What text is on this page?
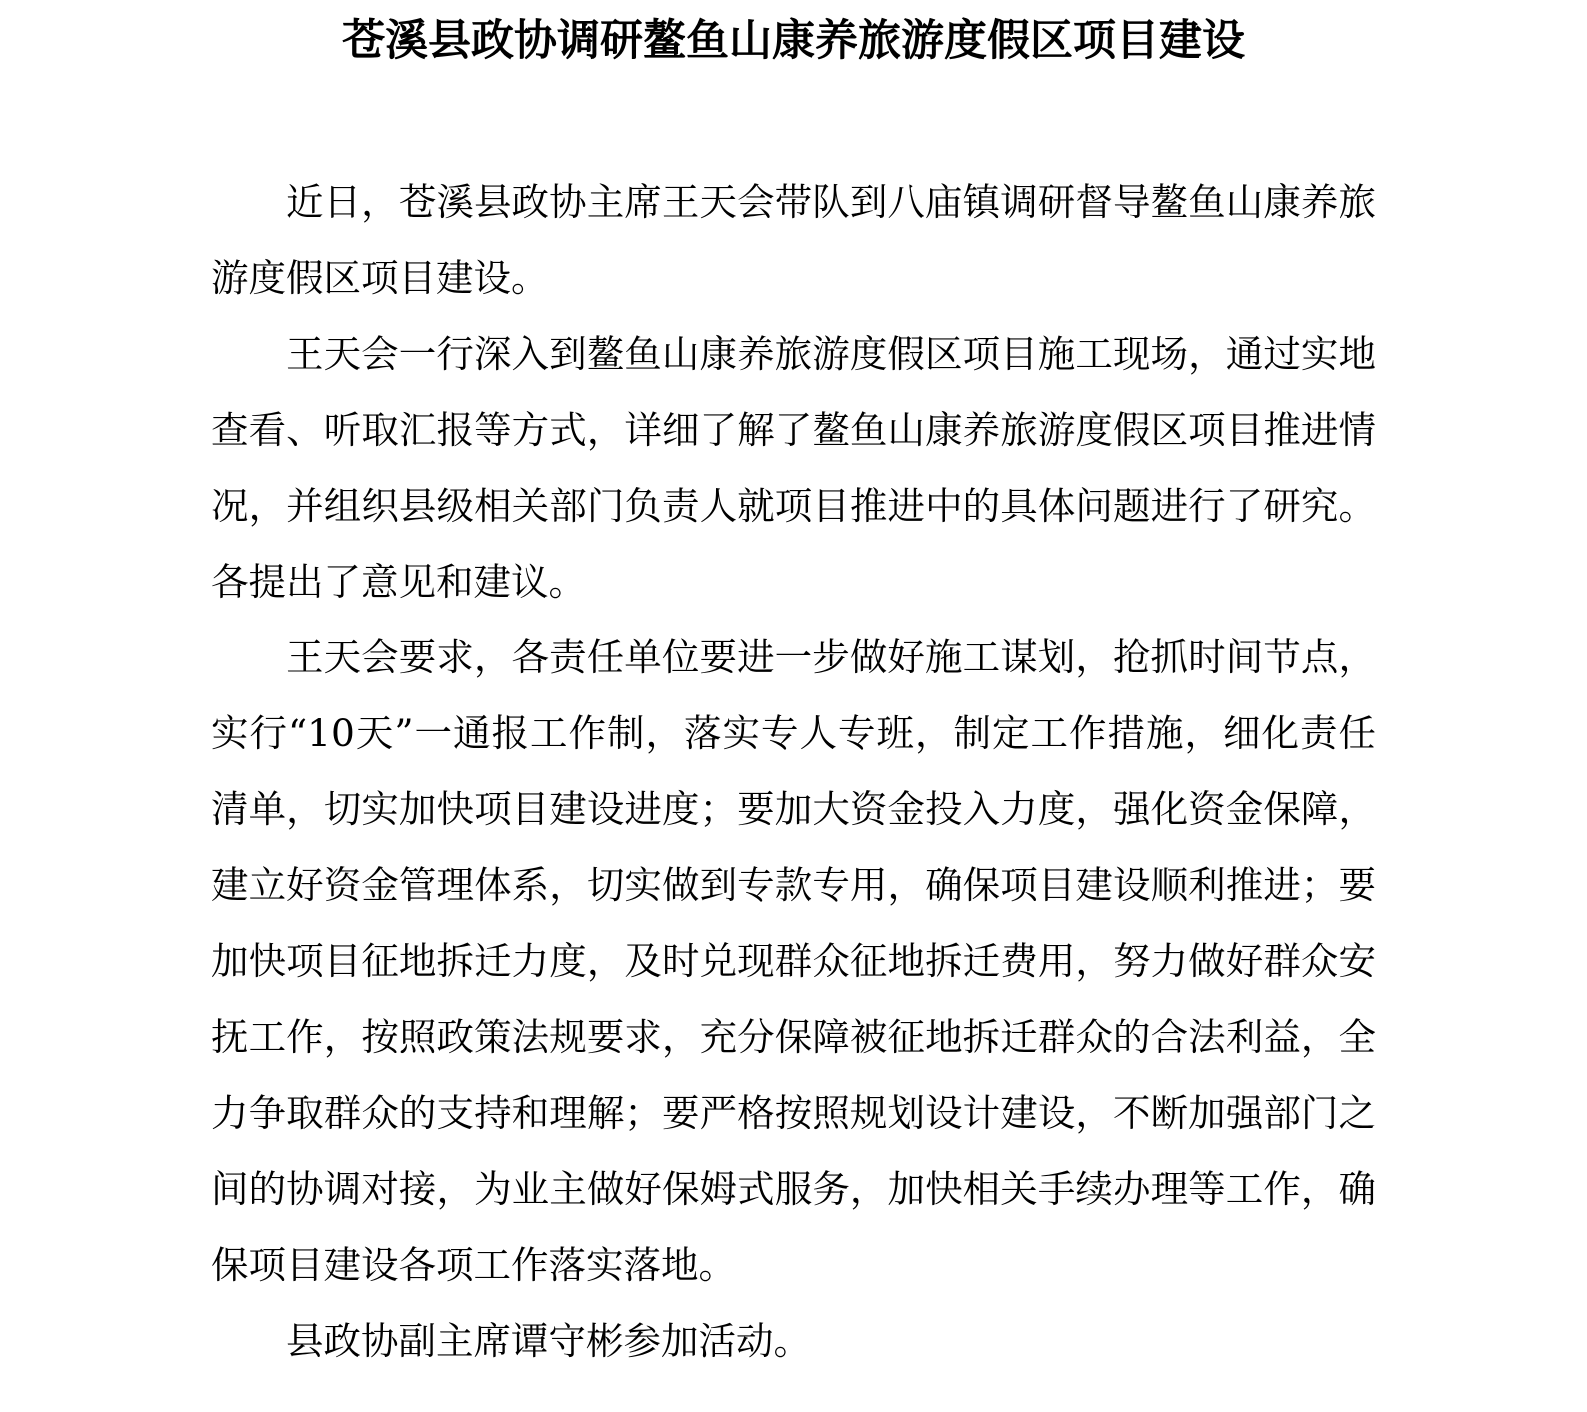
苍溪县政协调研鳌鱼山康养旅游度假区项目建设

近日，苍溪县政协主席王天会带队到八庙镇调研督导鳌鱼山康养旅游度假区项目建设。

王天会一行深入到鳌鱼山康养旅游度假区项目施工现场，通过实地查看、听取汇报等方式，详细了解了鳌鱼山康养旅游度假区项目推进情况，并组织县级相关部门负责人就项目推进中的具体问题进行了研究。各提出了意见和建议。

王天会要求，各责任单位要进一步做好施工谋划，抢抓时间节点，实行“10天”一通报工作制，落实专人专班，制定工作措施，细化责任清单，切实加快项目建设进度；要加大资金投入力度，强化资金保障，建立好资金管理体系，切实做到专款专用，确保项目建设顺利推进；要加快项目征地拆迁力度，及时兑现群众征地拆迁费用，努力做好群众安抚工作，按照政策法规要求，充分保障被征地拆迁群众的合法利益，全力争取群众的支持和理解；要严格按照规划设计建设，不断加强部门之间的协调对接，为业主做好保姆式服务，加快相关手续办理等工作，确保项目建设各项工作落实落地。

县政协副主席谭守彬参加活动。
